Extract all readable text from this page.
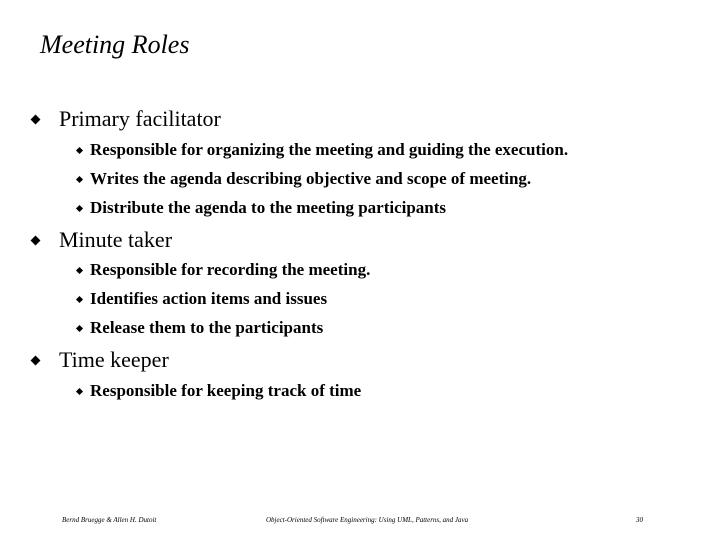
Meeting Roles
Primary facilitator
Responsible for organizing the meeting and guiding the execution.
Writes the agenda describing objective and scope of meeting.
Distribute the agenda to the meeting participants
Minute taker
Responsible for recording the meeting.
Identifies action items and issues
Release them to the participants
Time keeper
Responsible for keeping track of time
Bernd Bruegge & Allen H. Dutoit	Object-Oriented Software Engineering: Using UML, Patterns, and Java	30
